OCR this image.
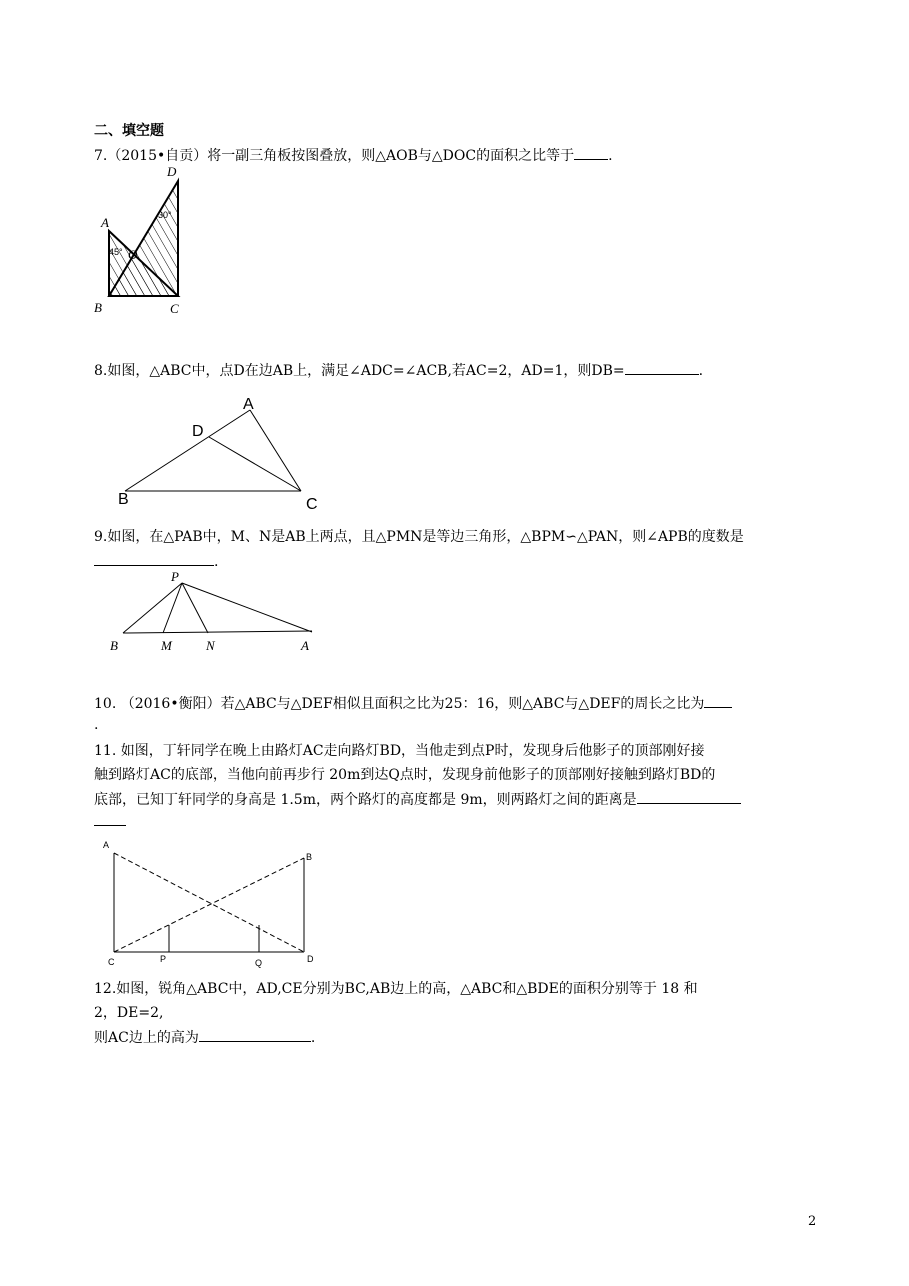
二、填空题
7.（2015•自贡）将一副三角板按图叠放，则△AOB与△DOC的面积之比等于 .
A
D
O
45°
30°
B	C
8.如图，△ABC中，点D在边AB上，满足∠ADC=∠ACB,若AC=2，AD=1，则DB=	.
A
D
B	C
9.如图，在△PAB中，M、N是AB上两点，且△PMN是等边三角形，△BPM∽△PAN，则∠APB的度数是
.
P
B	M	N	A
10. （2016•衡阳）若△ABC与△DEF相似且面积之比为25：16，则△ABC与△DEF的周长之比为
.
11. 如图，丁轩同学在晚上由路灯AC走向路灯BD，当他走到点P时，发现身后他影子的顶部刚好接
触到路灯AC的底部，当他向前再步行 20m到达Q点时，发现身前他影子的顶部刚好接触到路灯BD的
底部，已知丁轩同学的身高是 1.5m，两个路灯的高度都是 9m，则两路灯之间的距离是
A
B
C	P	Q	D
12.如图，锐角△ABC中，AD,CE分别为BC,AB边上的高，△ABC和△BDE的面积分别等于 18 和
2，DE=2,
则AC边上的高为	.
2
